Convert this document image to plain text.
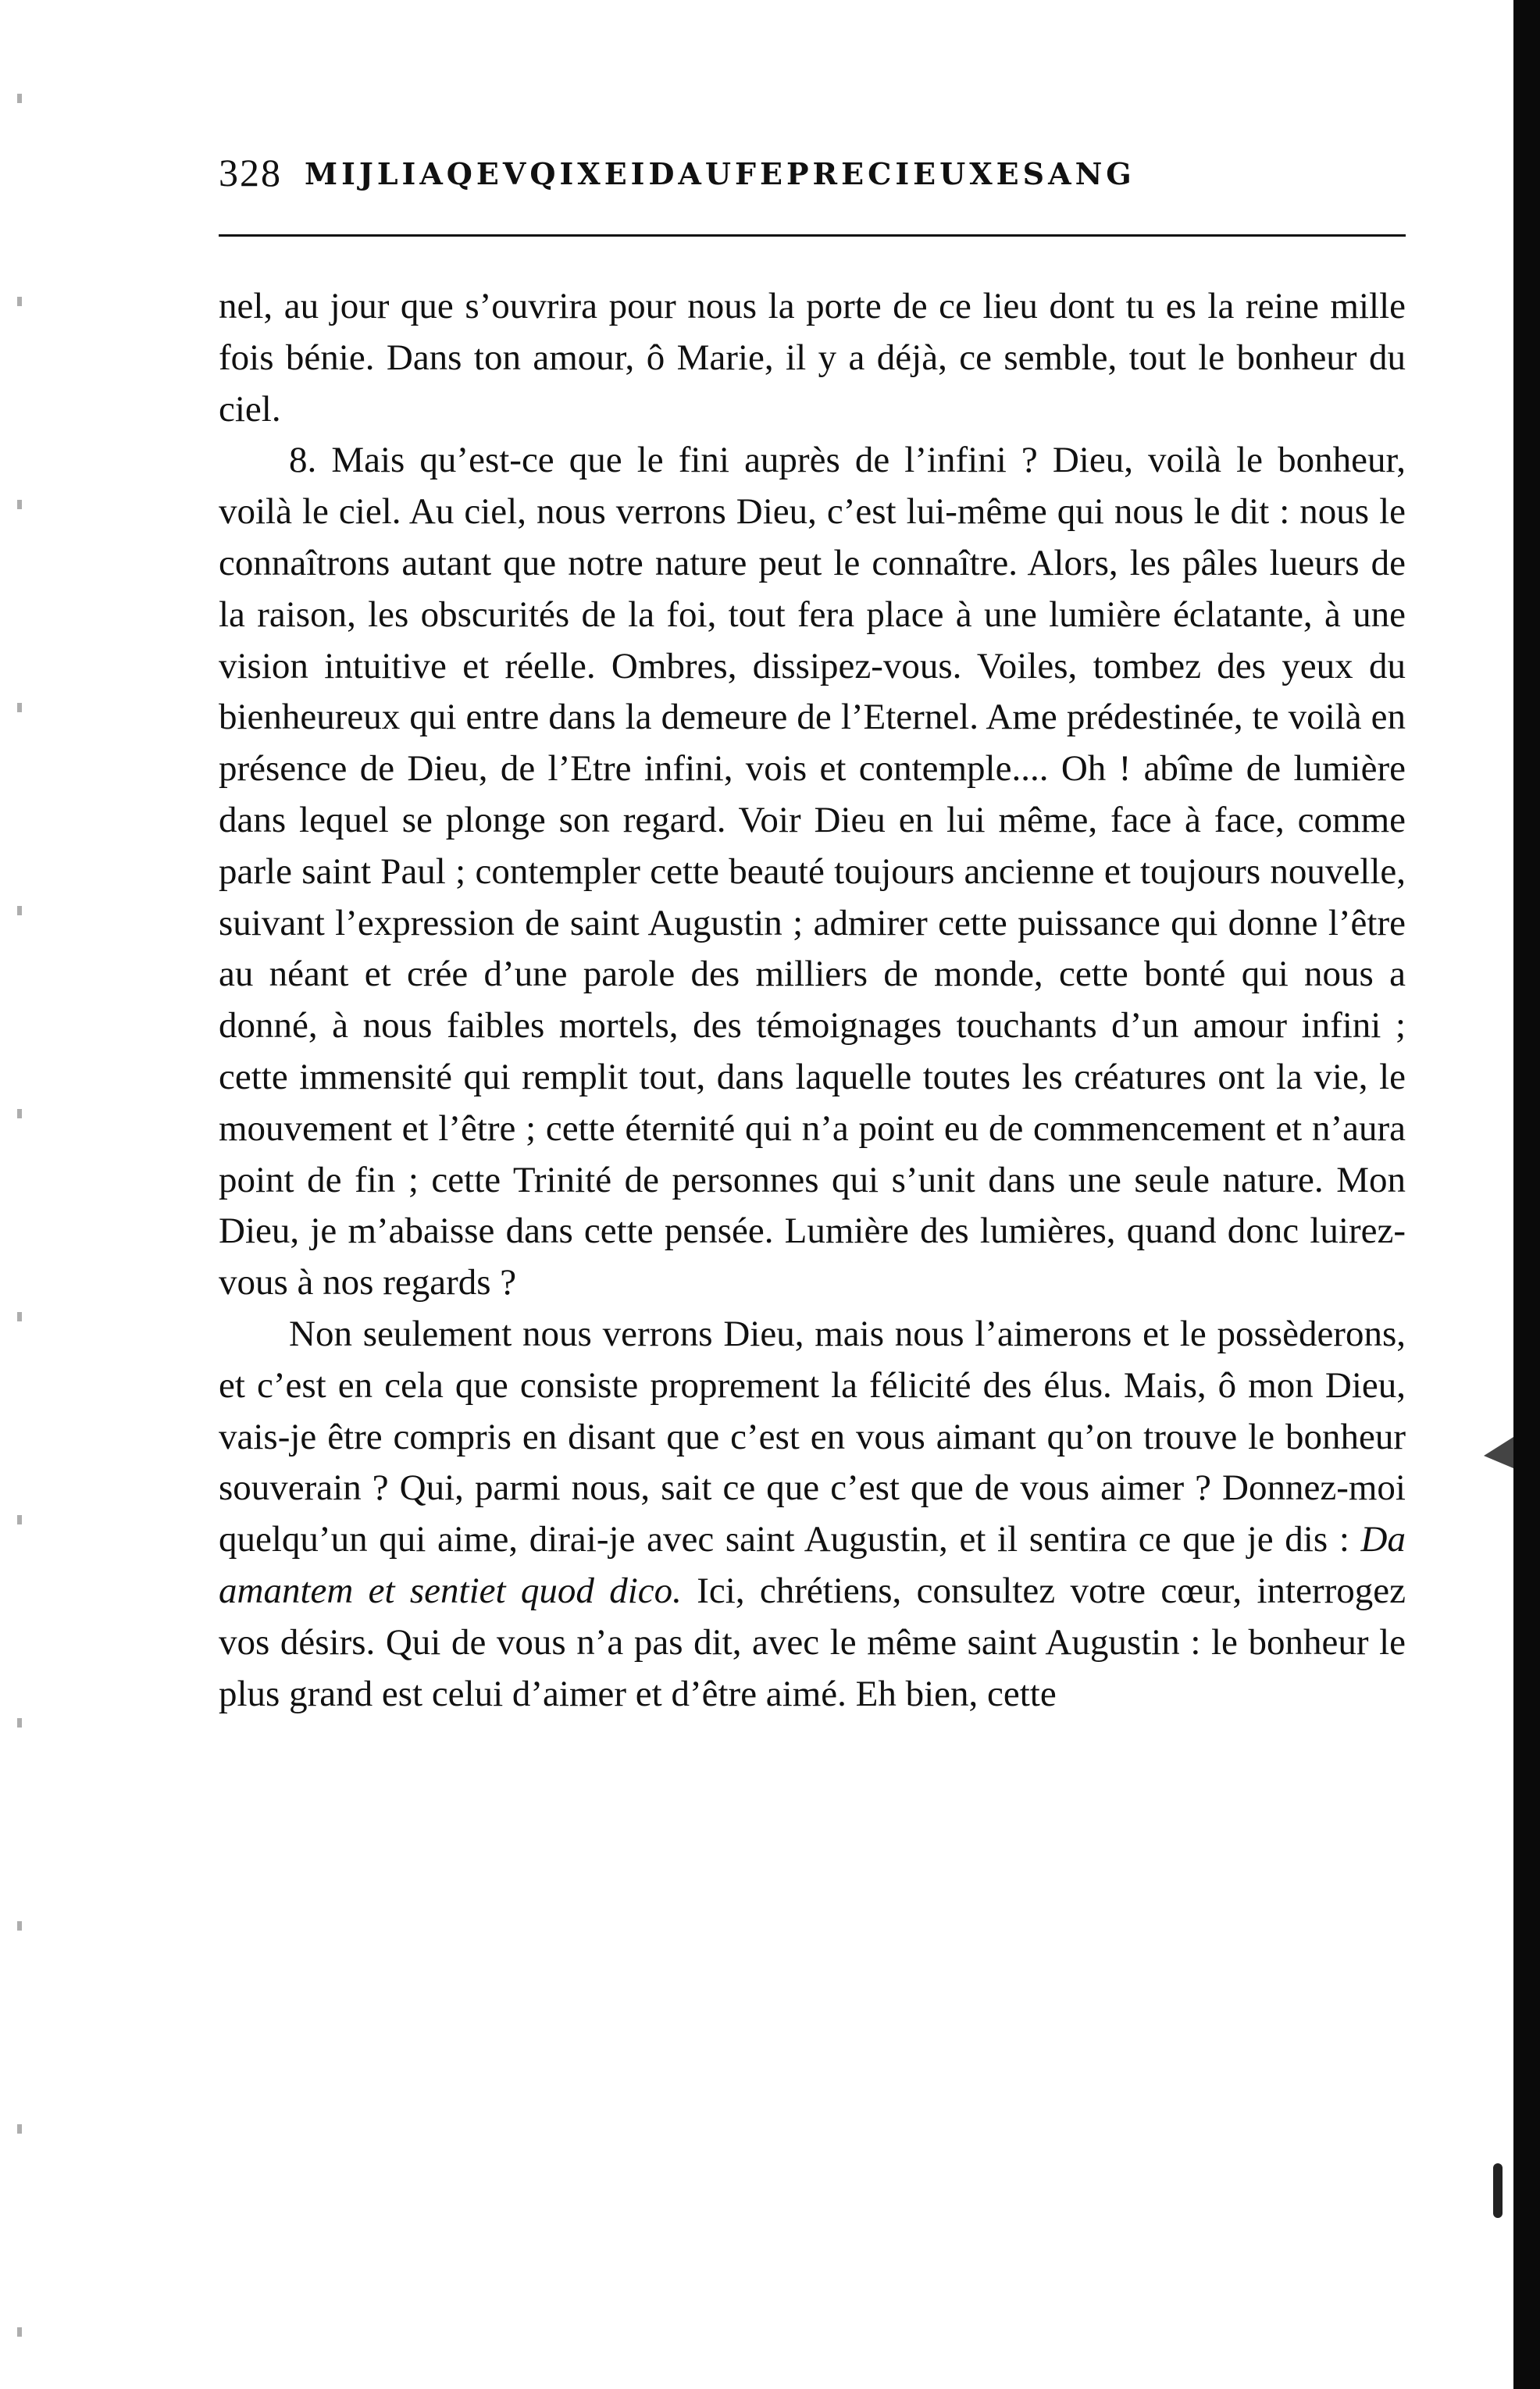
328 MIJLIAQEVQIXEIDAUFEPRECIEUXESANG

nel, au jour que s’ouvrira pour nous la porte de ce lieu dont tu es la reine mille fois bénie. Dans ton amour, ô Marie, il y a déjà, ce semble, tout le bonheur du ciel.

8. Mais qu’est-ce que le fini auprès de l’infini ? Dieu, voilà le bonheur, voilà le ciel. Au ciel, nous verrons Dieu, c’est lui-même qui nous le dit : nous le connaîtrons autant que notre nature peut le connaître. Alors, les pâles lueurs de la raison, les obscurités de la foi, tout fera place à une lumière éclatante, à une vision intuitive et réelle. Ombres, dissipez-vous. Voiles, tombez des yeux du bienheureux qui entre dans la demeure de l’Eternel. Ame prédestinée, te voilà en présence de Dieu, de l’Etre infini, vois et contemple.... Oh ! abîme de lumière dans lequel se plonge son regard. Voir Dieu en lui même, face à face, comme parle saint Paul ; contempler cette beauté toujours ancienne et toujours nouvelle, suivant l’expression de saint Augustin ; admirer cette puissance qui donne l’être au néant et crée d’une parole des milliers de monde, cette bonté qui nous a donné, à nous faibles mortels, des témoignages touchants d’un amour infini ; cette immensité qui remplit tout, dans laquelle toutes les créatures ont la vie, le mouvement et l’être ; cette éternité qui n’a point eu de commencement et n’aura point de fin ; cette Trinité de personnes qui s’unit dans une seule nature. Mon Dieu, je m’abaisse dans cette pensée. Lumière des lumières, quand donc luirez-vous à nos regards ?

Non seulement nous verrons Dieu, mais nous l’aimerons et le possèderons, et c’est en cela que consiste proprement la félicité des élus. Mais, ô mon Dieu, vais-je être compris en disant que c’est en vous aimant qu’on trouve le bonheur souverain ? Qui, parmi nous, sait ce que c’est que de vous aimer ? Donnez-moi quelqu’un qui aime, dirai-je avec saint Augustin, et il sentira ce que je dis : Da amantem et sentiet quod dico. Ici, chrétiens, consultez votre cœur, interrogez vos désirs. Qui de vous n’a pas dit, avec le même saint Augustin : le bonheur le plus grand est celui d’aimer et d’être aimé. Eh bien, cette
